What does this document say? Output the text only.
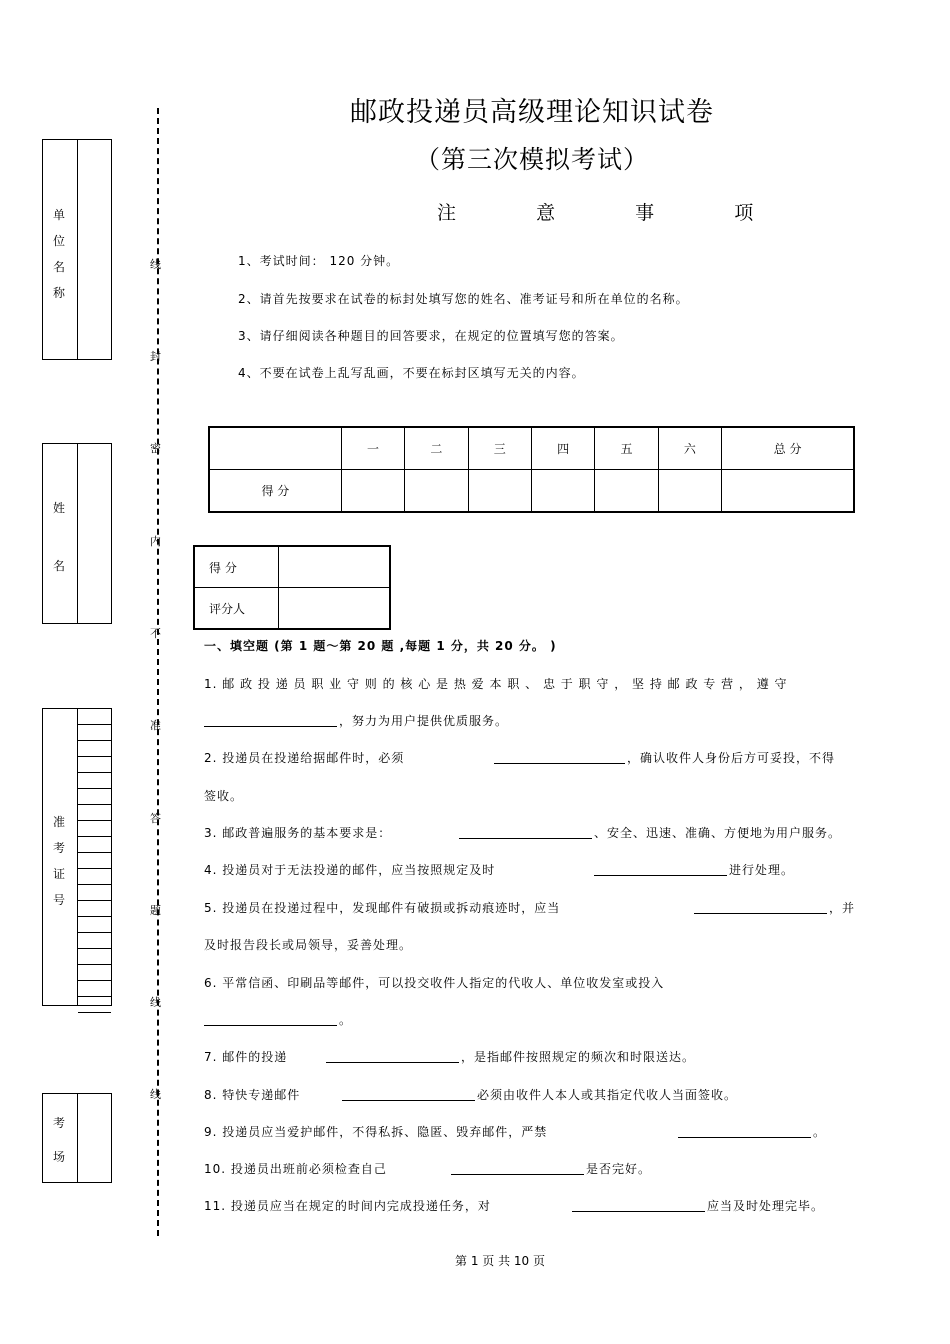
邮政投递员高级理论知识试卷
（第三次模拟考试）
注	意	事	项
1、考试时间： 120 分钟。
2、请首先按要求在试卷的标封处填写您的姓名、准考证号和所在单位的名称。
3、请仔细阅读各种题目的回答要求，在规定的位置填写您的答案。
4、不要在试卷上乱写乱画，不要在标封区填写无关的内容。
单
位
名
称
姓
名
准
考
证
号
考
场
线
封
密
内
不
准
答
题
线
线
	一	二	三	四	五	六	总 分
得 分							
得 分	
评分人	
一、填空题 (第 1 题～第 20 题 ,每题 1 分，共 20 分。 )
1. 邮 政 投 递 员 职 业 守 则 的 核 心 是 热 爱 本 职 、 忠 于 职 守 ， 坚 持 邮 政 专 营 ， 遵 守
，努力为用户提供优质服务。
2. 投递员在投递给据邮件时，必须	，确认收件人身份后方可妥投，不得
签收。
3. 邮政普遍服务的基本要求是：	、安全、迅速、准确、方便地为用户服务。
4. 投递员对于无法投递的邮件，应当按照规定及时	进行处理。
5. 投递员在投递过程中，发现邮件有破损或拆动痕迹时，应当	，并
及时报告段长或局领导，妥善处理。
6. 平常信函、印刷品等邮件，可以投交收件人指定的代收人、单位收发室或投入
。
7. 邮件的投递	，是指邮件按照规定的频次和时限送达。
8. 特快专递邮件	必须由收件人本人或其指定代收人当面签收。
9. 投递员应当爱护邮件，不得私拆、隐匿、毁弃邮件，严禁	。
10. 投递员出班前必须检查自己	是否完好。
11. 投递员应当在规定的时间内完成投递任务，对	应当及时处理完毕。
第 1 页 共 10 页
